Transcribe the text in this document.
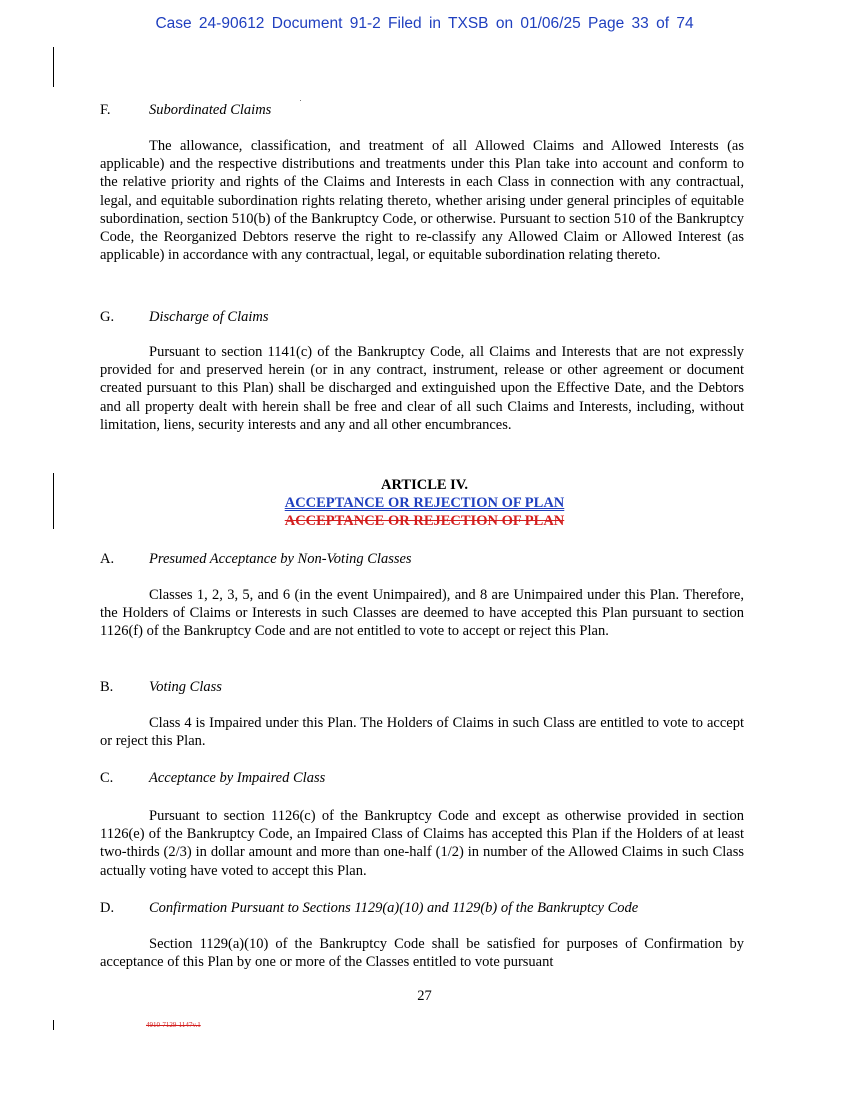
Case 24-90612 Document 91-2 Filed in TXSB on 01/06/25 Page 33 of 74
F.	Subordinated Claims

The allowance, classification, and treatment of all Allowed Claims and Allowed Interests (as applicable) and the respective distributions and treatments under this Plan take into account and conform to the relative priority and rights of the Claims and Interests in each Class in connection with any contractual, legal, and equitable subordination rights relating thereto, whether arising under general principles of equitable subordination, section 510(b) of the Bankruptcy Code, or otherwise. Pursuant to section 510 of the Bankruptcy Code, the Reorganized Debtors reserve the right to re-classify any Allowed Claim or Allowed Interest (as applicable) in accordance with any contractual, legal, or equitable subordination relating thereto.

G. Discharge of Claims

Pursuant to section 1141(c) of the Bankruptcy Code, all Claims and Interests that are not expressly provided for and preserved herein (or in any contract, instrument, release or other agreement or document created pursuant to this Plan) shall be discharged and extinguished upon the Effective Date, and the Debtors and all property dealt with herein shall be free and clear of all such Claims and Interests, including, without limitation, liens, security interests and any and all other encumbrances.

ARTICLE IV.
ACCEPTANCE OR REJECTION OF PLAN
ACCEPTANCE OR REJECTION OF PLAN
A. Presumed Acceptance by Non-Voting Classes

Classes 1, 2, 3, 5, and 6 (in the event Unimpaired), and 8 are Unimpaired under this Plan. Therefore, the Holders of Claims or Interests in such Classes are deemed to have accepted this Plan pursuant to section 1126(f) of the Bankruptcy Code and are not entitled to vote to accept or reject this Plan.

B. Voting Class

Class 4 is Impaired under this Plan. The Holders of Claims in such Class are entitled to vote to accept or reject this Plan.

C. Acceptance by Impaired Class

Pursuant to section 1126(c) of the Bankruptcy Code and except as otherwise provided in section 1126(e) of the Bankruptcy Code, an Impaired Class of Claims has accepted this Plan if the Holders of at least two-thirds (2/3) in dollar amount and more than one-half (1/2) in number of the Allowed Claims in such Class actually voting have voted to accept this Plan.

D. Confirmation Pursuant to Sections 1129(a)(10) and 1129(b) of the Bankruptcy Code

Section 1129(a)(10) of the Bankruptcy Code shall be satisfied for purposes of Confirmation by acceptance of this Plan by one or more of the Classes entitled to vote pursuant

27
4910-7129-1147v.1
